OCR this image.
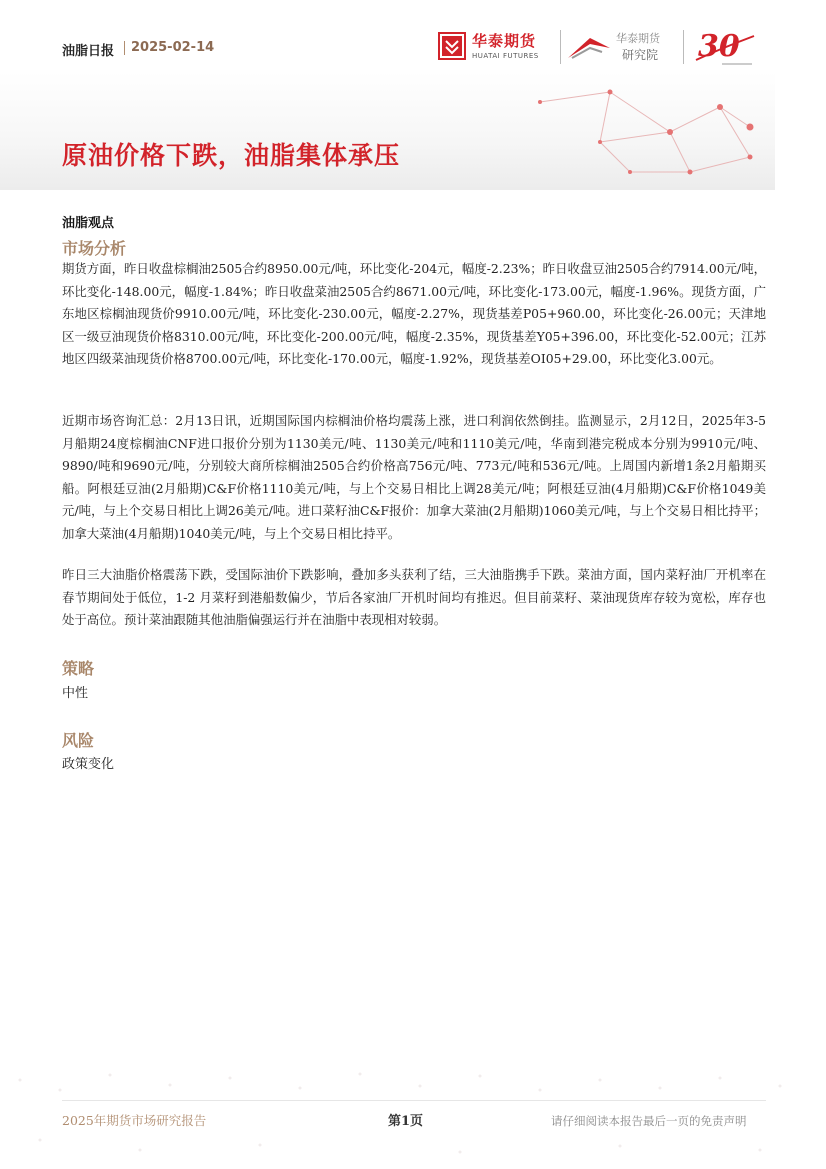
油脂日报 2025-02-14	华泰期货
HUATAI FUTURES
华泰期货
研究院 30
原油价格下跌，油脂集体承压
油脂观点
市场分析

期货方面，昨日收盘棕榈油2505合约8950.00元/吨，环比变化-204元，幅度-2.23%；昨日收盘豆油2505合约7914.00元/吨，环比变化-148.00元，幅度-1.84%；昨日收盘菜油2505合约8671.00元/吨，环比变化-173.00元，幅度-1.96%。现货方面，广东地区棕榈油现货价9910.00元/吨，环比变化-230.00元，幅度-2.27%，现货基差P05+960.00，环比变化-26.00元；天津地区一级豆油现货价格8310.00元/吨，环比变化-200.00元/吨，幅度-2.35%，现货基差Y05+396.00，环比变化-52.00元；江苏地区四级菜油现货价格8700.00元/吨，环比变化-170.00元，幅度-1.92%，现货基差OI05+29.00，环比变化3.00元。

近期市场咨询汇总：2月13日讯，近期国际国内棕榈油价格均震荡上涨，进口利润依然倒挂。监测显示，2月12日，2025年3-5月船期24度棕榈油CNF进口报价分别为1130美元/吨、1130美元/吨和1110美元/吨，华南到港完税成本分别为9910元/吨、9890/吨和9690元/吨，分别较大商所棕榈油2505合约价格高756元/吨、773元/吨和536元/吨。上周国内新增1条2月船期买船。阿根廷豆油(2月船期)C&F价格1110美元/吨，与上个交易日相比上调28美元/吨；阿根廷豆油(4月船期)C&F价格1049美元/吨，与上个交易日相比上调26美元/吨。进口菜籽油C&F报价：加拿大菜油(2月船期)1060美元/吨，与上个交易日相比持平；加拿大菜油(4月船期)1040美元/吨，与上个交易日相比持平。

昨日三大油脂价格震荡下跌，受国际油价下跌影响，叠加多头获利了结，三大油脂携手下跌。菜油方面，国内菜籽油厂开机率在春节期间处于低位，1-2 月菜籽到港船数偏少，节后各家油厂开机时间均有推迟。但目前菜籽、菜油现货库存较为宽松，库存也处于高位。预计菜油跟随其他油脂偏强运行并在油脂中表现相对较弱。

策略
中性
风险
政策变化
2025年期货市场研究报告	第1页	请仔细阅读本报告最后一页的免责声明
